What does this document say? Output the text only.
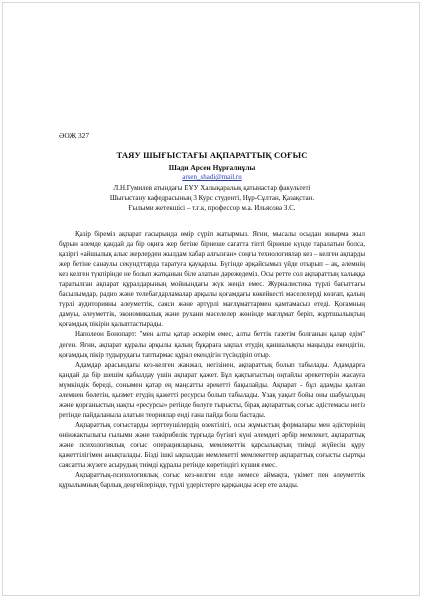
ӘОЖ 327
ТАЯУ ШЫҒЫСТАҒЫ АҚПАРАТТЫҚ СОҒЫС
Шади Арсен Нұрғалиұлы
arsen_shadi@mail.ru
Л.Н.Гумилев атындағы ЕҰУ Халықаралық қатынастар факультеті
Шығыстану кафедрасының 3 Курс студенті, Нұр-Сұлтан, Қазақстан.
Ғылыми жетекшісі – т.ғ.к, профессор м.а. Ильясова З.С.

Қазір біреміз ақпарат ғасырында өмір сүріп жатырмыз. Яғни, мысалы осыдан жиырма жыл бұрын әлемде қандай да бір оқиға жер бетіне бірнеше сағатта тіпті бірнеше күнде таралатын болса, қазіргі «айшылық алыс жерлерден жылдам хабар алғызған» соңғы технологиялар кез – келген ақпарды жер бетіне санаулы секундттарда таратуға қауқарлы. Бүгінде әрқайсымыз үйде отырып – ақ, әлемнің кез келген түкпірінде не болып жатқанын біле алатын дәрежедеміз. Осы ретте сол ақпараттың халыққа таратылған ақпарат құралдарының мойнындағы жүк жеңіл емес. Журналистика түрлі бағыттағы басылымдар, радио және телебағдарламалар арқылы қоғамдағы көкейкесті мәселелерді көзғап, қалың түрлі аудиторияны әлеуметтік, саяси және әртүрлі мағлұматтармен қамтамасыз етеді. Қоғамның дамуы, әлеуметтік, экономикалық және рухани мәселелер жөнінде мағлұмат беріп, жұртшылықтың қоғамдық пікірін қалыптастырады.

Наполеон Бонопарт: "мен алты қатар әскерім емес, алты беттік газетім болғанын қалар едім" деген. Яғни, ақпарат құралы арқылы қалың бұқараға ықпал етудің қаншалықты маңызды екендігін, қоғамдық пікір тудырудағы таптырмас құрал екендігін түсіндіріп отыр.

Адамдар арасындағы кез-келген жанжал, негізінен, ақпараттық болып табылады. Адамдарға қандай да бір шешім қабылдау үшін ақпарат қажет. Бұл қақтығыстың оңтайлы әрекеттерін жасауға мүмкіндік береді, сонымен қатар ең маңсатты әрекетті бақылайды. Ақпарат - бұл адамды қалған әлемнен бөлетін, қызмет етудің қажетті ресурсы болып табылады. Ұзақ уақыт бойы оны шабуылдың және қорғаныстың нақты «ресурсы» ретінде бөлуге тырысты, бірақ ақпараттық соғыс әдістемасы негіз ретінде пайдаланыла алатын теориялар енді ғана пайда бола бастады.

Ақпараттық соғыстарды зерттеушілердің өзектілігі, осы жұмыстың формалары мен әдістерінің өнінжактылығы ғылыми және тәжірибелік тұрғыда бүгінгі күні әлемдегі әрбір мемлекет, ақпараттық және психологиялық соғыс операцияларына, мемлекеттік қарсылықтың тиімді жүйесін құру қажеттілігімен анықталады. Бізді ішкі ықпалдан мемлекетті мемлекеттер ақпараттық соғысты сыртқы саясатты жүзеге асырудың тиімді құралы ретінде көретіндігі күшия емес.

Ақпараттық-психологиялық соғыс кез-келген елде немесе аймақта, үкімет пен әлеуметтік құрылымның барлық деңгейлерінде, түрлі үдерістерге қарқынды әсер ете алады.
